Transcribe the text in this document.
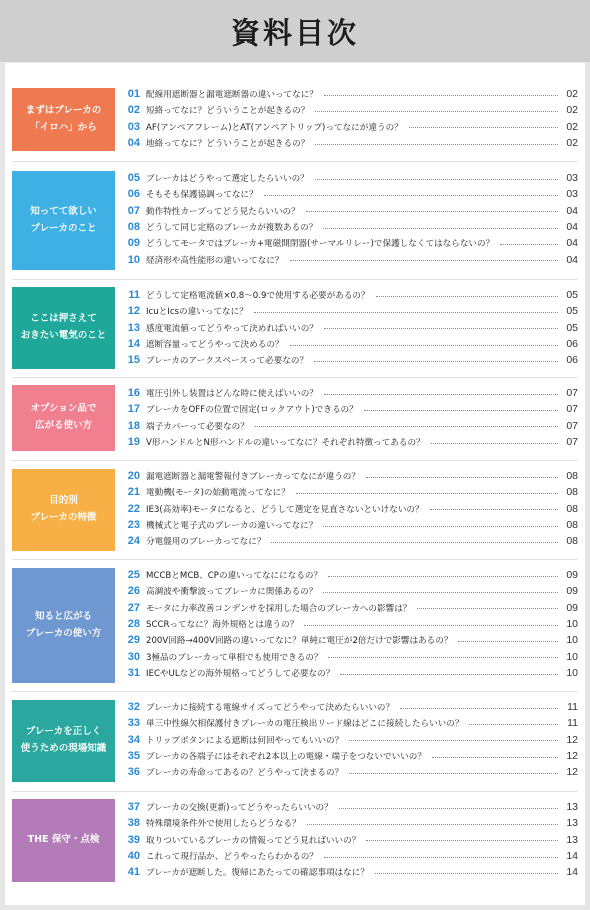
資料目次
まずはブレーカの
「イロハ」から
01 配線用遮断器と漏電遮断器の違いってなに？	02
02 短絡ってなに？どういうことが起きるの？	02
03 AF(アンペアフレーム)とAT(アンペアトリップ)ってなにが違うの？	02
04 地絡ってなに？どういうことが起きるの？	02
知ってて欲しい
ブレーカのこと
05 ブレーカはどうやって選定したらいいの？	03
06 そもそも保護協調ってなに？	03
07 動作特性カーブってどう見たらいいの？	04
08 どうして同じ定格のブレーカが複数あるの？	04
09 どうしてモータではブレーカ+電磁開閉器(サーマルリレー)で保護しなくてはならないの？	04
10 経済形や高性能形の違いってなに？	04
ここは押さえて
おきたい電気のこと
11 どうして定格電流値×0.8〜0.9で使用する必要があるの？	05
12 IcuとIcsの違いってなに？	05
13 感度電流値ってどうやって決めればいいの？	05
14 遮断容量ってどうやって決めるの？	06
15 ブレーカのアークスペースって必要なの？	06
オプション品で
広がる使い方
16 電圧引外し装置はどんな時に使えばいいの？	07
17 ブレーカをOFFの位置で固定(ロックアウト)できるの？	07
18 端子カバーって必要なの？	07
19 V形ハンドルとN形ハンドルの違いってなに？それぞれ特徴ってあるの？	07
目的別
ブレーカの特徴
20 漏電遮断器と漏電警報付きブレーカってなにが違うの？	08
21 電動機(モータ)の始動電流ってなに？	08
22 IE3(高効率)モータになると、どうして選定を見直さないといけないの？	08
23 機械式と電子式のブレーカの違いってなに？	08
24 分電盤用のブレーカってなに？	08
知ると広がる
ブレーカの使い方
25 MCCBとMCB、CPの違いってなにになるの？	09
26 高調波や衝撃波ってブレーカに関係あるの？	09
27 モータに力率改善コンデンサを採用した場合のブレーカへの影響は？	09
28 SCCRってなに？海外規格とは違うの？	10
29 200V回路→400V回路の違いってなに？単純に電圧が2倍だけで影響はあるの？	10
30 3極品のブレーカって単相でも使用できるの？	10
31 IECやULなどの海外規格ってどうして必要なの？	10
ブレーカを正しく
使うための現場知識
32 ブレーカに接続する電線サイズってどうやって決めたらいいの？	11
33 単三中性線欠相保護付きブレーカの電圧検出リード線はどこに接続したらいいの？	11
34 トリップボタンによる遮断は何回やってもいいの？	12
35 ブレーカの各端子にはそれぞれ2本以上の電線・端子をつないでいいの？	12
36 ブレーカの寿命ってあるの？どうやって決まるの？	12
THE 保守・点検
37 ブレーカの交換(更新)ってどうやったらいいの？	13
38 特殊環境条件外で使用したらどうなる？	13
39 取りついているブレーカの情報ってどう見ればいいの？	13
40 これって現行品か、どうやったらわかるの？	14
41 ブレーカが遮断した。復帰にあたっての確認事項はなに？	14
